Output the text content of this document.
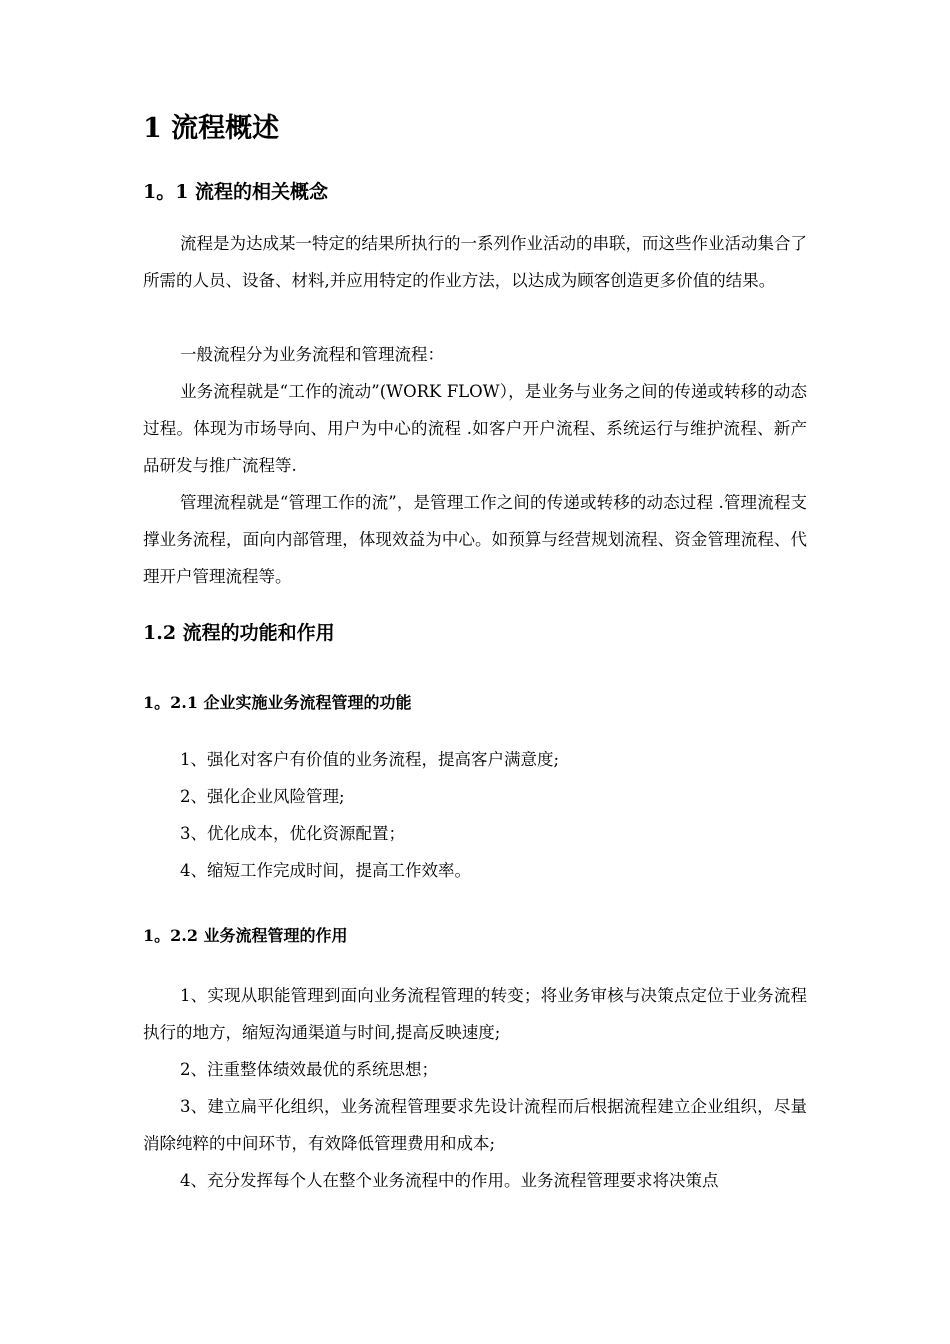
1 流程概述
1。1 流程的相关概念

流程是为达成某一特定的结果所执行的一系列作业活动的串联，而这些作业活动集合了所需的人员、设备、材料,并应用特定的作业方法，以达成为顾客创造更多价值的结果。

一般流程分为业务流程和管理流程：

业务流程就是“工作的流动”(WORK FLOW），是业务与业务之间的传递或转移的动态过程。体现为市场导向、用户为中心的流程 .如客户开户流程、系统运行与维护流程、新产品研发与推广流程等.

管理流程就是“管理工作的流”，是管理工作之间的传递或转移的动态过程 .管理流程支撑业务流程，面向内部管理，体现效益为中心。如预算与经营规划流程、资金管理流程、代理开户管理流程等。

1.2 流程的功能和作用
1。2.1 企业实施业务流程管理的功能
1、强化对客户有价值的业务流程，提高客户满意度;
2、强化企业风险管理;
3、优化成本，优化资源配置；
4、缩短工作完成时间，提高工作效率。
1。2.2 业务流程管理的作用

1、实现从职能管理到面向业务流程管理的转变；将业务审核与决策点定位于业务流程执行的地方，缩短沟通渠道与时间,提高反映速度;

2、注重整体绩效最优的系统思想；

3、建立扁平化组织，业务流程管理要求先设计流程而后根据流程建立企业组织，尽量消除纯粹的中间环节，有效降低管理费用和成本;

4、充分发挥每个人在整个业务流程中的作用。业务流程管理要求将决策点
